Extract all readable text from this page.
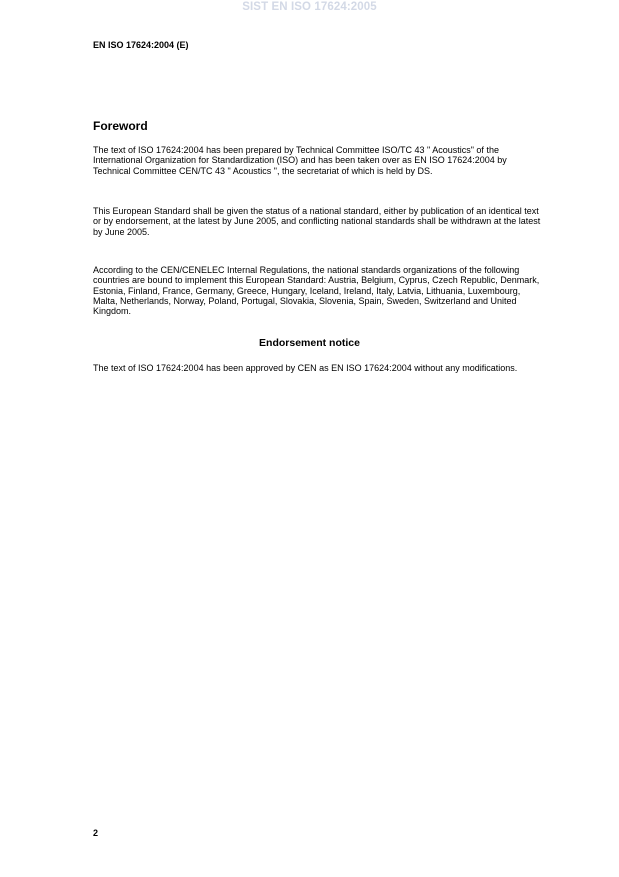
SIST EN ISO 17624:2005
EN ISO 17624:2004 (E)
Foreword

The text of ISO 17624:2004 has been prepared by Technical Committee ISO/TC 43 " Acoustics" of the International Organization for Standardization (ISO) and has been taken over as EN ISO 17624:2004 by Technical Committee CEN/TC 43 " Acoustics ", the secretariat of which is held by DS.

This European Standard shall be given the status of a national standard, either by publication of an identical text or by endorsement, at the latest by June 2005, and conflicting national standards shall be withdrawn at the latest by June 2005.

According to the CEN/CENELEC Internal Regulations, the national standards organizations of the following countries are bound to implement this European Standard: Austria, Belgium, Cyprus, Czech Republic, Denmark, Estonia, Finland, France, Germany, Greece, Hungary, Iceland, Ireland, Italy, Latvia, Lithuania, Luxembourg, Malta, Netherlands, Norway, Poland, Portugal, Slovakia, Slovenia, Spain, Sweden, Switzerland and United Kingdom.

Endorsement notice

The text of ISO 17624:2004 has been approved by CEN as EN ISO 17624:2004 without any modifications.

2
